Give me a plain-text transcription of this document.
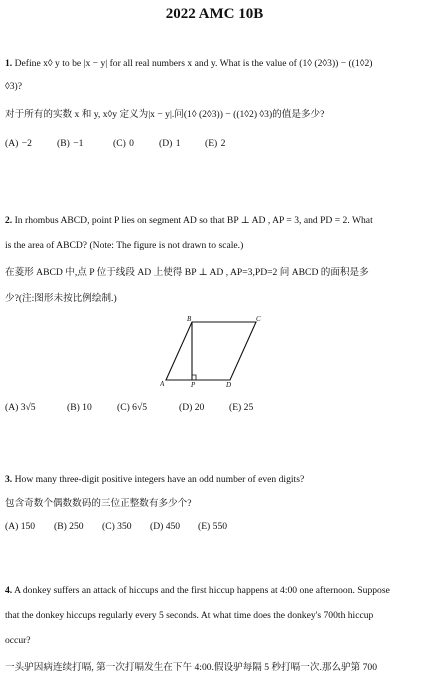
2022 AMC 10B
1. Define x◊ y to be |x − y| for all real numbers x and y. What is the value of (1◊ (2◊3)) − ((1◊2)
◊3)?
对于所有的实数 x 和 y, x◊y 定义为|x − y|.问(1◊ (2◊3)) − ((1◊2) ◊3)的值是多少?
(A) −2	(B) −1	(C) 0	(D) 1	(E) 2
2. In rhombus ABCD, point P lies on segment AD so that BP ⊥ AD , AP = 3, and PD = 2. What
is the area of ABCD? (Note: The figure is not drawn to scale.)
在菱形 ABCD 中,点 P 位于线段 AD 上使得 BP ⊥ AD , AP=3,PD=2 问 ABCD 的面积是多
少?(注:图形未按比例绘制.)
B	C
A	P	D
(A) 3√5	(B) 10	(C) 6√5	(D) 20	(E) 25
3. How many three-digit positive integers have an odd number of even digits?
包含奇数个偶数数码的三位正整数有多少个?
(A) 150 (B) 250 (C) 350 (D) 450 (E) 550
4. A donkey suffers an attack of hiccups and the first hiccup happens at 4:00 one afternoon. Suppose
that the donkey hiccups regularly every 5 seconds. At what time does the donkey's 700th hiccup
occur?
一头驴因病连续打嗝, 第一次打嗝发生在下午 4:00.假设驴每隔 5 秒打嗝一次.那么驴第 700
